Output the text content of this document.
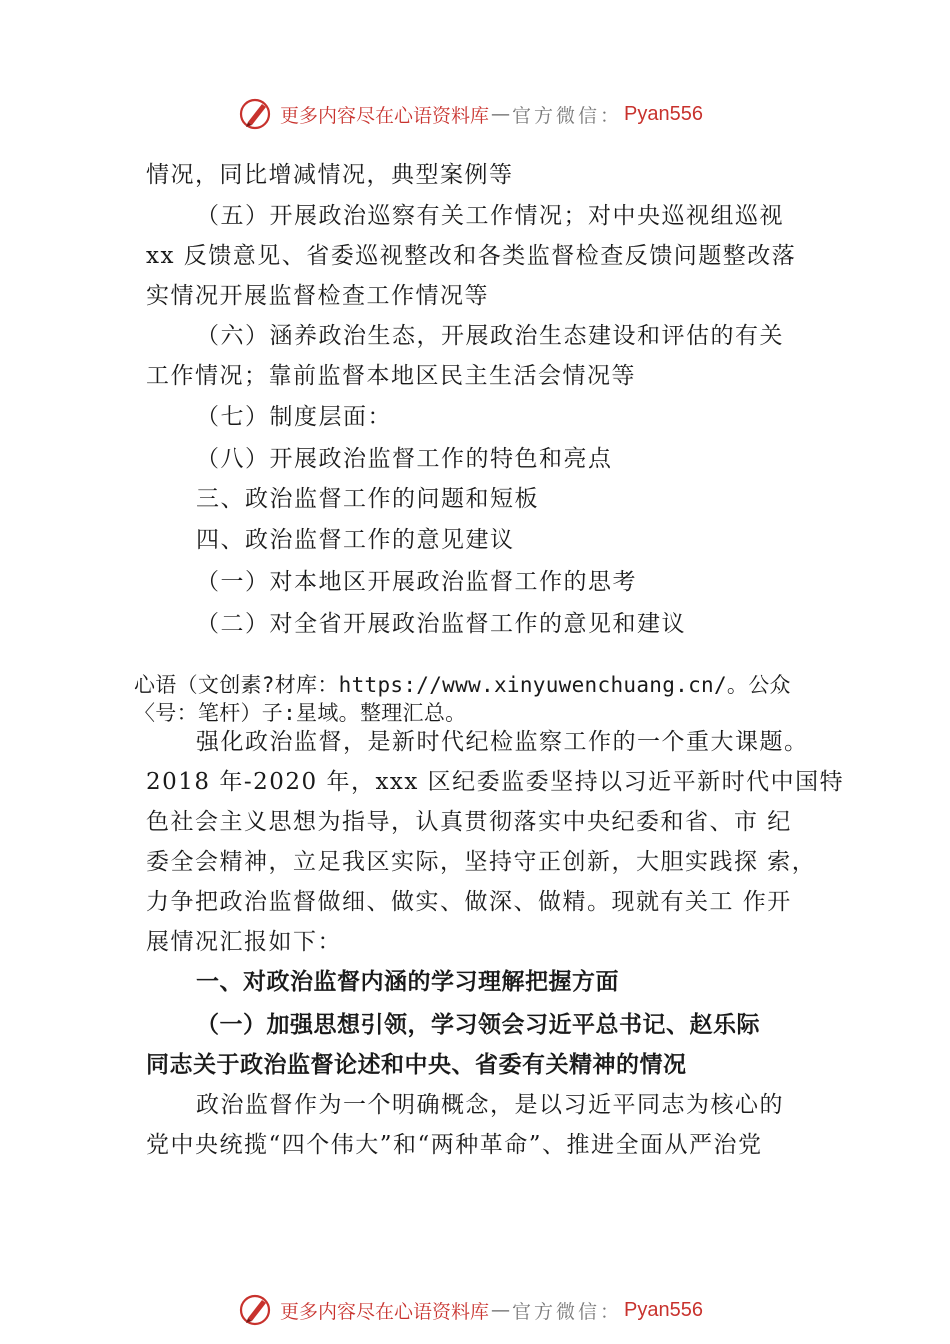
更多内容尽在心语资料库 — 官方微信： Pyan556
情况，同比增减情况，典型案例等
（五）开展政治巡察有关工作情况；对中央巡视组巡视
xx 反馈意见、省委巡视整改和各类监督检查反馈问题整改落
实情况开展监督检查工作情况等
（六）涵养政治生态，开展政治生态建设和评估的有关
工作情况；靠前监督本地区民主生活会情况等
（七）制度层面：
（八）开展政治监督工作的特色和亮点
三、政治监督工作的问题和短板
四、政治监督工作的意见建议
（一）对本地区开展政治监督工作的思考
（二）对全省开展政治监督工作的意见和建议
心语（文创素?材库：https://www.xinyuwenchuang.cn/。公众
〈号：笔杆）子:星域。整理汇总。
强化政治监督，是新时代纪检监察工作的一个重大课题。
2018 年-2020 年，xxx 区纪委监委坚持以习近平新时代中国特
色社会主义思想为指导，认真贯彻落实中央纪委和省、市 纪
委全会精神，立足我区实际，坚持守正创新，大胆实践探 索，
力争把政治监督做细、做实、做深、做精。现就有关工 作开
展情况汇报如下：
一、对政治监督内涵的学习理解把握方面
（一）加强思想引领，学习领会习近平总书记、赵乐际
同志关于政治监督论述和中央、省委有关精神的情况
政治监督作为一个明确概念，是以习近平同志为核心的
党中央统揽“四个伟大”和“两种革命”、推进全面从严治党
更多内容尽在心语资料库 — 官方微信： Pyan556
